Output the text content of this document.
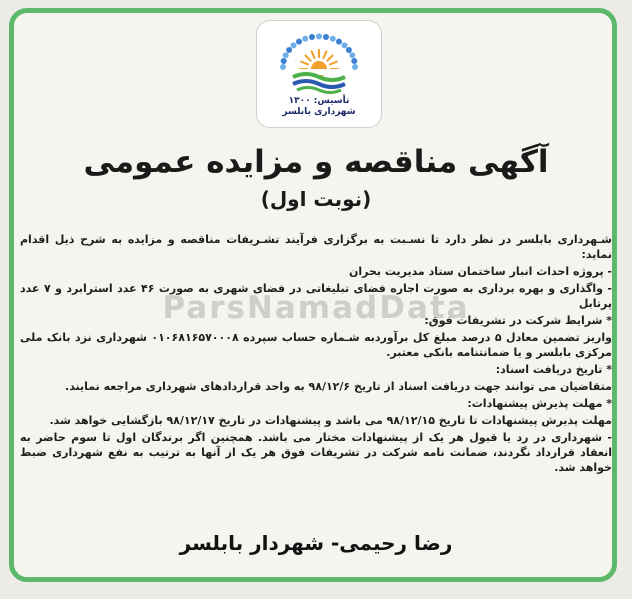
تأسیس: ۱۳۰۰
شهرداری بابلسر
آگهی مناقصه و مزایده عمومی
(نوبت اول)

شـهرداری بابلسر در نظر دارد تا نسـبت به برگزاری فرآیند تشـریفات مناقصه و مزایده به شرح ذیل اقدام نماید:

- پروژه احداث انبار ساختمان ستاد مدیریت بحران

- واگذاری و بهره برداری به صورت اجاره فضای تبلیغاتی در فضای شهری به صورت ۴۶ عدد استرابرد و ۷ عدد پرتابل

* شرایط شرکت در تشریفات فوق:

واریز تضمین معادل ۵ درصد مبلغ کل برآوردبه شـماره حساب سپرده ۰۱۰۶۸۱۶۵۷۰۰۰۸ شهرداری نزد بانک ملی مرکزی بابلسر و یا ضمانتنامه بانکی معتبر.

* تاریخ دریافت اسناد:

متقاضیان می توانند جهت دریافت اسناد از تاریخ ۹۸/۱۲/۶ به واحد قراردادهای شهرداری مراجعه نمایند.

* مهلت پذیرش پیشنهادات:

مهلت پذیرش پیشنهادات تا تاریخ ۹۸/۱۲/۱۵ می باشد و پیشنهادات در تاریخ ۹۸/۱۲/۱۷ بازگشایی خواهد شد.

- شهرداری در رد یا قبول هر یک از پیشنهادات مختار می باشد. همچنین اگر برندگان اول تا سوم حاضر به انعقاد قرارداد نگردند، ضمانت نامه شرکت در تشریفات فوق هر یک از آنها به ترتیب به نفع شهرداری ضبط خواهد شد.

ParsNamadData
رضا رحیمی- شهردار بابلسر
